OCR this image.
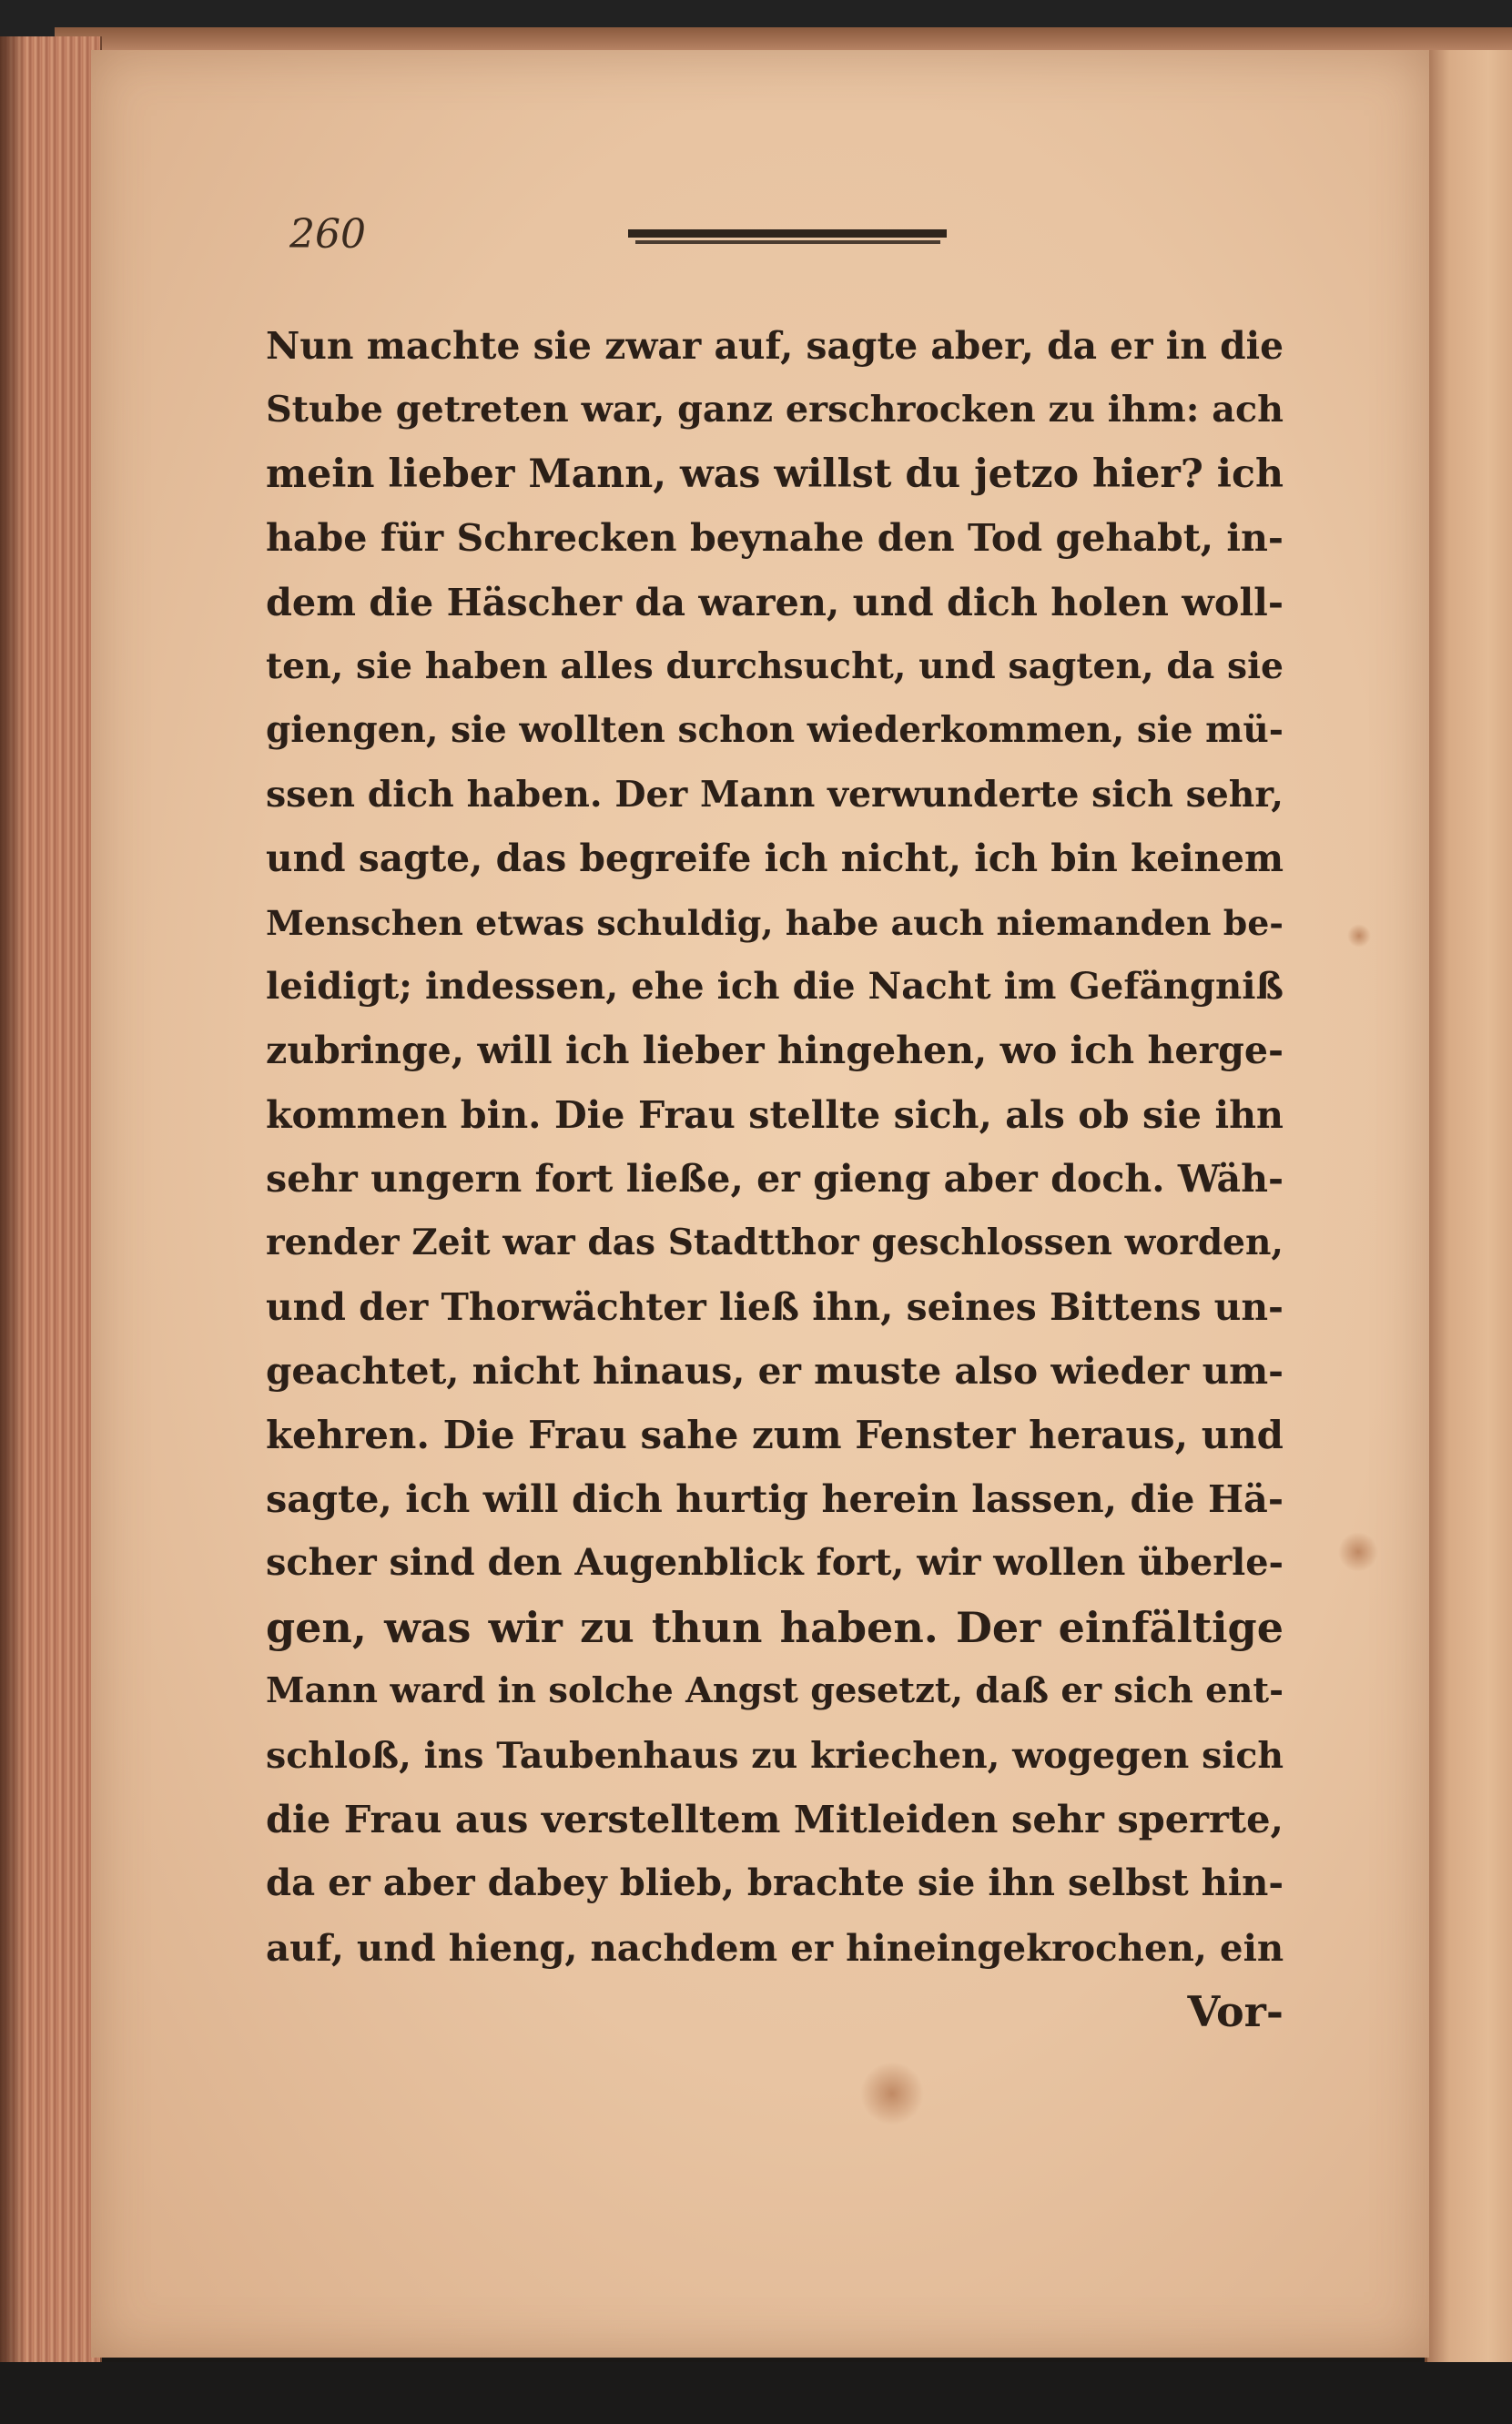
260
Nun machte sie zwar auf, sagte aber, da er in die
Stube getreten war, ganz erschrocken zu ihm: ach
mein lieber Mann, was willst du jetzo hier? ich
habe für Schrecken beynahe den Tod gehabt, in-
dem die Häscher da waren, und dich holen woll-
ten, sie haben alles durchsucht, und sagten, da sie
giengen, sie wollten schon wiederkommen, sie mü-
ssen dich haben. Der Mann verwunderte sich sehr,
und sagte, das begreife ich nicht, ich bin keinem
Menschen etwas schuldig, habe auch niemanden be-
leidigt; indessen, ehe ich die Nacht im Gefängniß
zubringe, will ich lieber hingehen, wo ich herge-
kommen bin. Die Frau stellte sich, als ob sie ihn
sehr ungern fort ließe, er gieng aber doch. Wäh-
render Zeit war das Stadtthor geschlossen worden,
und der Thorwächter ließ ihn, seines Bittens un-
geachtet, nicht hinaus, er muste also wieder um-
kehren. Die Frau sahe zum Fenster heraus, und
sagte, ich will dich hurtig herein lassen, die Hä-
scher sind den Augenblick fort, wir wollen überle-
gen, was wir zu thun haben. Der einfältige
Mann ward in solche Angst gesetzt, daß er sich ent-
schloß, ins Taubenhaus zu kriechen, wogegen sich
die Frau aus verstelltem Mitleiden sehr sperrte,
da er aber dabey blieb, brachte sie ihn selbst hin-
auf, und hieng, nachdem er hineingekrochen, ein
Vor-
